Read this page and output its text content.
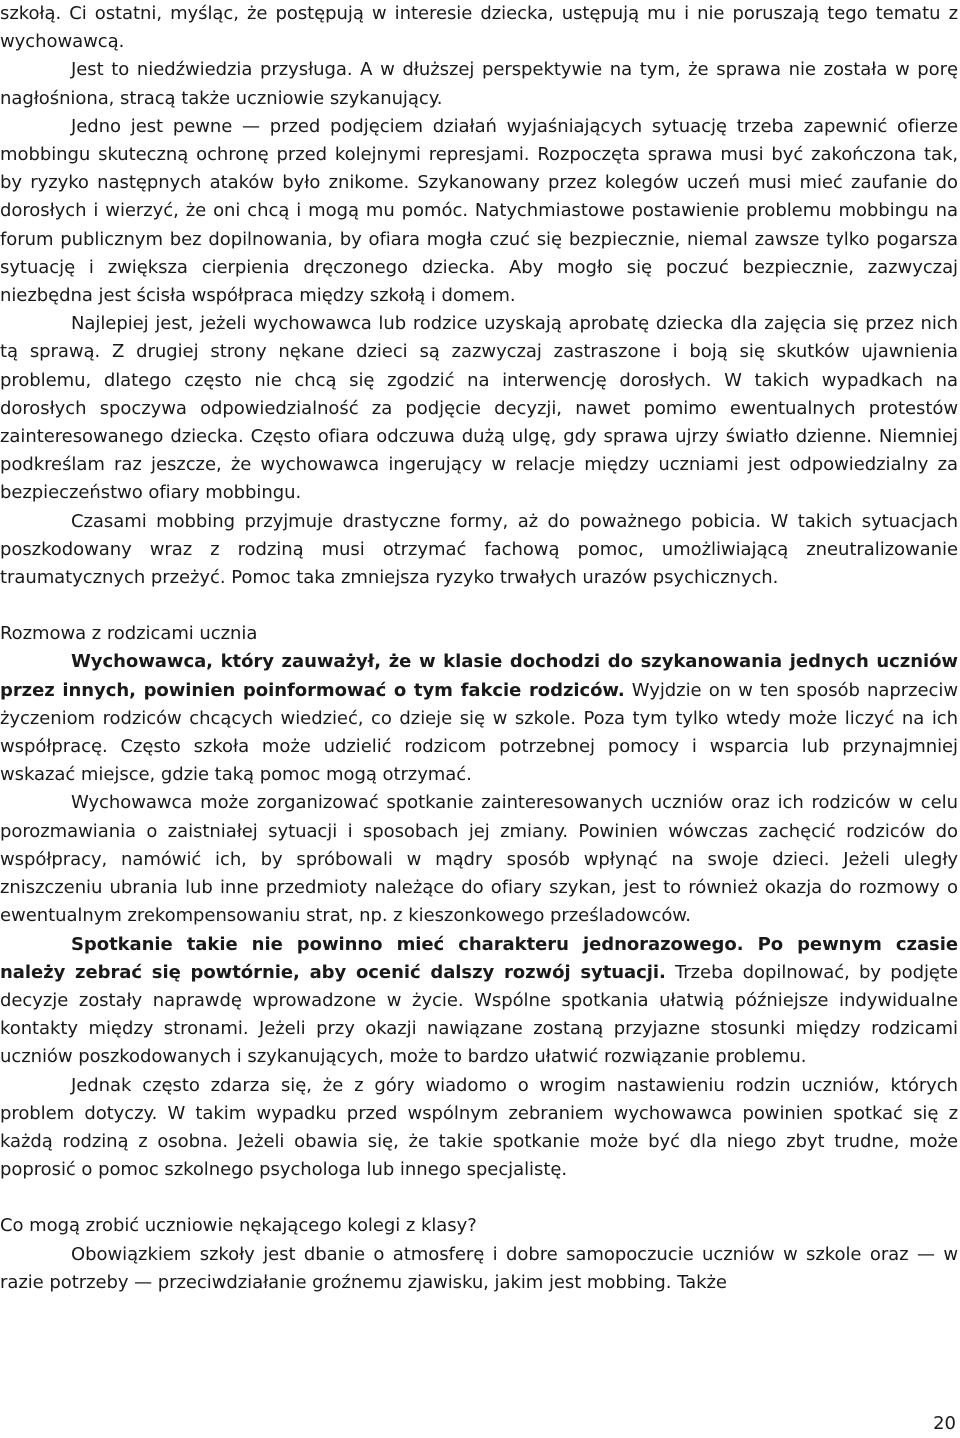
szkołą. Ci ostatni, myśląc, że postępują w interesie dziecka, ustępują mu i nie poruszają tego tematu z wychowawcą.

Jest to niedźwiedzia przysługa. A w dłuższej perspektywie na tym, że sprawa nie została w porę nagłośniona, stracą także uczniowie szykanujący.

Jedno jest pewne — przed podjęciem działań wyjaśniających sytuację trzeba zapewnić ofierze mobbingu skuteczną ochronę przed kolejnymi represjami. Rozpoczęta sprawa musi być zakończona tak, by ryzyko następnych ataków było znikome. Szykanowany przez kolegów uczeń musi mieć zaufanie do dorosłych i wierzyć, że oni chcą i mogą mu pomóc. Natychmiastowe postawienie problemu mobbingu na forum publicznym bez dopilnowania, by ofiara mogła czuć się bezpiecznie, niemal zawsze tylko pogarsza sytuację i zwiększa cierpienia dręczonego dziecka. Aby mogło się poczuć bezpiecznie, zazwyczaj niezbędna jest ścisła współpraca między szkołą i domem.

Najlepiej jest, jeżeli wychowawca lub rodzice uzyskają aprobatę dziecka dla zajęcia się przez nich tą sprawą. Z drugiej strony nękane dzieci są zazwyczaj zastraszone i boją się skutków ujawnienia problemu, dlatego często nie chcą się zgodzić na interwencję dorosłych. W takich wypadkach na dorosłych spoczywa odpowiedzialność za podjęcie decyzji, nawet pomimo ewentualnych protestów zainteresowanego dziecka. Często ofiara odczuwa dużą ulgę, gdy sprawa ujrzy światło dzienne. Niemniej podkreślam raz jeszcze, że wychowawca ingerujący w relacje między uczniami jest odpowiedzialny za bezpieczeństwo ofiary mobbingu.

Czasami mobbing przyjmuje drastyczne formy, aż do poważnego pobicia. W takich sytuacjach poszkodowany wraz z rodziną musi otrzymać fachową pomoc, umożliwiającą zneutralizowanie traumatycznych przeżyć. Pomoc taka zmniejsza ryzyko trwałych urazów psychicznych.

Rozmowa z rodzicami ucznia

Wychowawca, który zauważył, że w klasie dochodzi do szykanowania jednych uczniów przez innych, powinien poinformować o tym fakcie rodziców. Wyjdzie on w ten sposób naprzeciw życzeniom rodziców chcących wiedzieć, co dzieje się w szkole. Poza tym tylko wtedy może liczyć na ich współpracę. Często szkoła może udzielić rodzicom potrzebnej pomocy i wsparcia lub przynajmniej wskazać miejsce, gdzie taką pomoc mogą otrzymać.

Wychowawca może zorganizować spotkanie zainteresowanych uczniów oraz ich rodziców w celu porozmawiania o zaistniałej sytuacji i sposobach jej zmiany. Powinien wówczas zachęcić rodziców do współpracy, namówić ich, by spróbowali w mądry sposób wpłynąć na swoje dzieci. Jeżeli uległy zniszczeniu ubrania lub inne przedmioty należące do ofiary szykan, jest to również okazja do rozmowy o ewentualnym zrekompensowaniu strat, np. z kieszonkowego prześladowców.

Spotkanie takie nie powinno mieć charakteru jednorazowego. Po pewnym czasie należy zebrać się powtórnie, aby ocenić dalszy rozwój sytuacji. Trzeba dopilnować, by podjęte decyzje zostały naprawdę wprowadzone w życie. Wspólne spotkania ułatwią późniejsze indywidualne kontakty między stronami. Jeżeli przy okazji nawiązane zostaną przyjazne stosunki między rodzicami uczniów poszkodowanych i szykanujących, może to bardzo ułatwić rozwiązanie problemu.

Jednak często zdarza się, że z góry wiadomo o wrogim nastawieniu rodzin uczniów, których problem dotyczy. W takim wypadku przed wspólnym zebraniem wychowawca powinien spotkać się z każdą rodziną z osobna. Jeżeli obawia się, że takie spotkanie może być dla niego zbyt trudne, może poprosić o pomoc szkolnego psychologa lub innego specjalistę.

Co mogą zrobić uczniowie nękającego kolegi z klasy?

Obowiązkiem szkoły jest dbanie o atmosferę i dobre samopoczucie uczniów w szkole oraz — w razie potrzeby — przeciwdziałanie groźnemu zjawisku, jakim jest mobbing. Także

20
